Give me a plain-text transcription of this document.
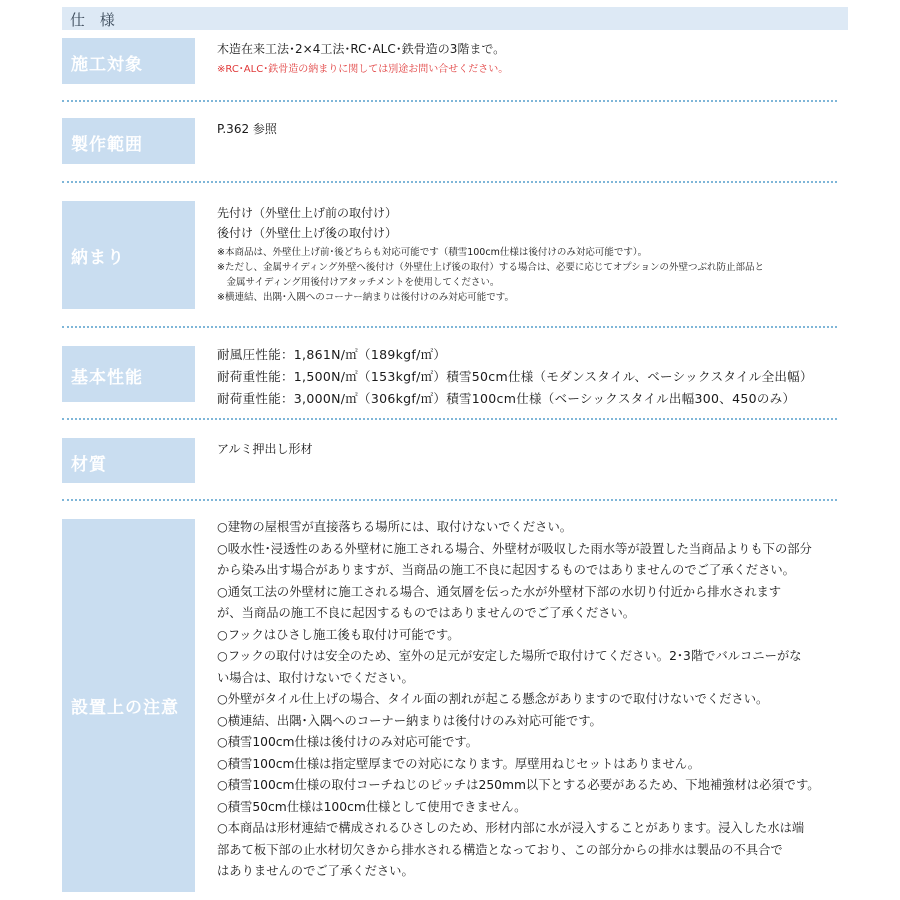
仕 様
施工対象
木造在来工法･2×4工法･RC･ALC･鉄骨造の3階まで。
※RC･ALC･鉄骨造の納まりに関しては別途お問い合せください。
製作範囲
P.362 参照
納まり
先付け（外壁仕上げ前の取付け）
後付け（外壁仕上げ後の取付け）
※本商品は、外壁仕上げ前･後どちらも対応可能です（積雪100cm仕様は後付けのみ対応可能です）。
※ただし、金属サイディング外壁へ後付け（外壁仕上げ後の取付）する場合は、必要に応じてオプションの外壁つぶれ防止部品と
　金属サイディング用後付けアタッチメントを使用してください。
※横連結、出隅･入隅へのコーナー納まりは後付けのみ対応可能です。
基本性能
耐風圧性能：1,861N/㎡（189kgf/㎡）
耐荷重性能：1,500N/㎡（153kgf/㎡）積雪50cm仕様（モダンスタイル、ベーシックスタイル全出幅）
耐荷重性能：3,000N/㎡（306kgf/㎡）積雪100cm仕様（ベーシックスタイル出幅300、450のみ）
材質
アルミ押出し形材
設置上の注意
○建物の屋根雪が直接落ちる場所には、取付けないでください。
○吸水性･浸透性のある外壁材に施工される場合、外壁材が吸収した雨水等が設置した当商品よりも下の部分
から染み出す場合がありますが、当商品の施工不良に起因するものではありませんのでご了承ください。
○通気工法の外壁材に施工される場合、通気層を伝った水が外壁材下部の水切り付近から排水されます
が、当商品の施工不良に起因するものではありませんのでご了承ください。
○フックはひさし施工後も取付け可能です。
○フックの取付けは安全のため、室外の足元が安定した場所で取付けてください。2･3階でバルコニーがな
い場合は、取付けないでください。
○外壁がタイル仕上げの場合、タイル面の割れが起こる懸念がありますので取付けないでください。
○横連結、出隅･入隅へのコーナー納まりは後付けのみ対応可能です。
○積雪100cm仕様は後付けのみ対応可能です。
○積雪100cm仕様は指定壁厚までの対応になります。厚壁用ねじセットはありません。
○積雪100cm仕様の取付コーチねじのピッチは250mm以下とする必要があるため、下地補強材は必須です。
○積雪50cm仕様は100cm仕様として使用できません。
○本商品は形材連結で構成されるひさしのため、形材内部に水が浸入することがあります。浸入した水は端
部あて板下部の止水材切欠きから排水される構造となっており、この部分からの排水は製品の不具合で
はありませんのでご了承ください。
